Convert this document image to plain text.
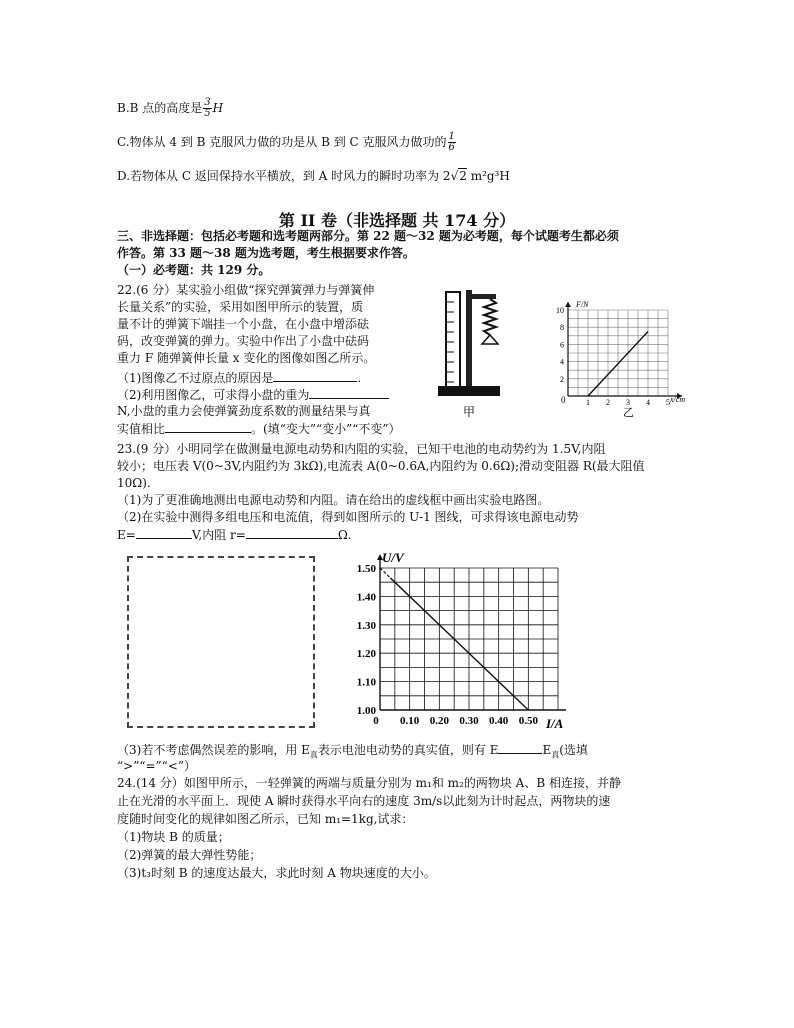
B.B 点的高度是 $\frac{3}{5}$ H
C.物体从 4 到 B 克服风力做的功是从 B 到 C 克服风力做功的 $\frac{1}{6}$
D.若物体从 C 返回保持水平横放，到 A 时风力的瞬时功率为 2√2 m²g³H
第 II 卷（非选择题 共 174 分）
三、非选择题：包括必考题和选考题两部分。第 22 题～32 题为必考题，每个试题考生都必须
作答。第 33 题～38 题为选考题，考生根据要求作答。
（一）必考题：共 129 分。
22.(6 分）某实验小组做“探究弹簧弹力与弹簧伸
长量关系”的实验，采用如图甲所示的装置，质
量不计的弹簧下端挂一个小盘，在小盘中增添砝
码，改变弹簧的弹力。实验中作出了小盘中砝码
重力 F 随弹簧伸长量 x 变化的图像如图乙所示。
（1)图像乙不过原点的原因是	.
（2)利用图像乙，可求得小盘的重为
N,小盘的重力会使弹簧劲度系数的测量结果与真
实值相比	。(填“变大”“变小”“不变”）
甲
2
4
6
8
10
1 2 3 4 5
F/N
x/cm
0
乙
23.(9 分）小明同学在做测量电源电动势和内阻的实验，已知干电池的电动势约为 1.5V,内阻
较小；电压表 V(0~3V,内阻约为 3kΩ),电流表 A(0~0.6A,内阻约为 0.6Ω);滑动变阻器 R(最大阻值
10Ω).
（1)为了更准确地测出电源电动势和内阻。请在给出的虚线框中画出实验电路图。
（2)在实验中测得多组电压和电流值，得到如图所示的 U-1 图线，可求得该电源电动势
E=	V,内阻 r=	Ω.
1.00
1.10
1.20
1.30
1.40
1.50
0 0.10 0.20 0.30 0.40 0.50
U/V
I/A
（3)若不考虑偶然误差的影响，用 $E_真$表示电池电动势的真实值，则有 E	$E_真$(选填
“>”“=”“<”）
24.(14 分）如图甲所示，一轻弹簧的两端与质量分别为 m₁和 m₂的两物块 A、B 相连接，并静
止在光滑的水平面上．现使 A 瞬时获得水平向右的速度 3m/s以此刻为计时起点，两物块的速
度随时间变化的规律如图乙所示，已知 m₁=1kg,试求：
（1)物块 B 的质量；
（2)弹簧的最大弹性势能；
（3)t₃时刻 B 的速度达最大，求此时刻 A 物块速度的大小。
